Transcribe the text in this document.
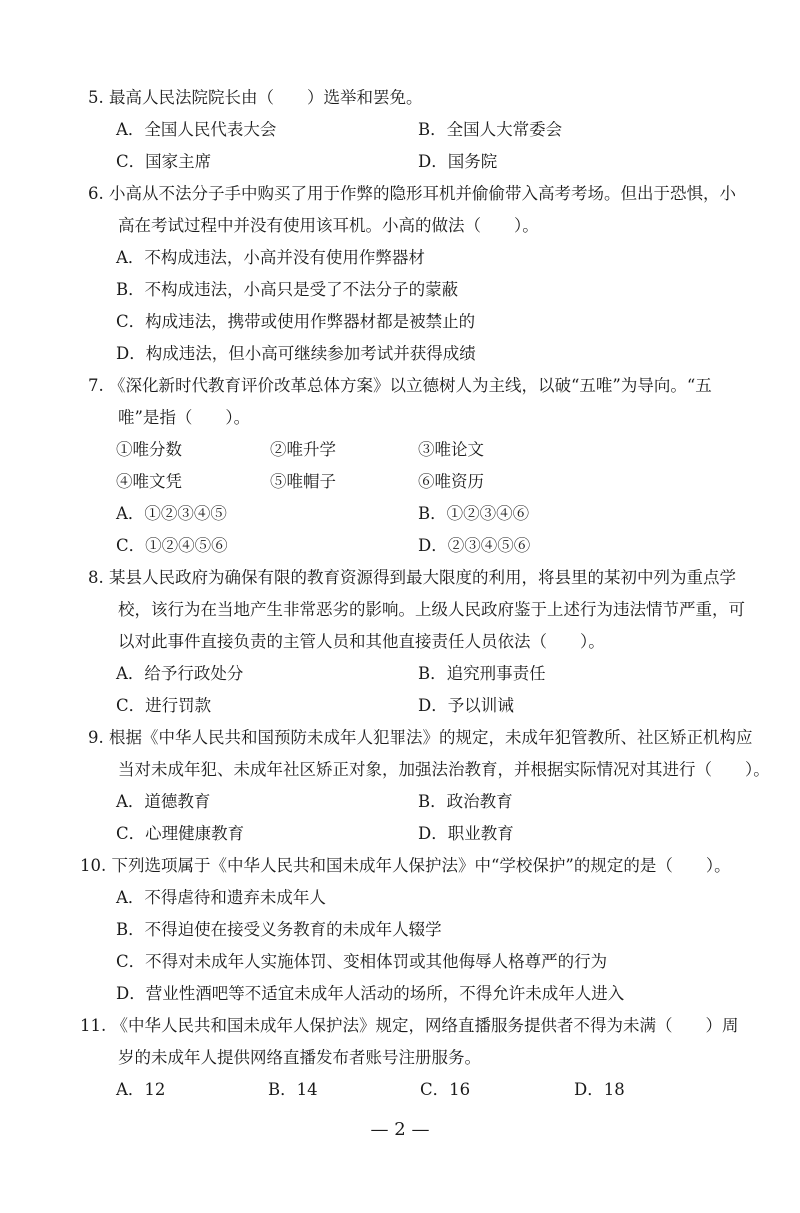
5. 最高人民法院院长由（　　）选举和罢免。
A．全国人民代表大会	B．全国人大常委会
C．国家主席	D．国务院
6. 小高从不法分子手中购买了用于作弊的隐形耳机并偷偷带入高考考场。但出于恐惧，小
高在考试过程中并没有使用该耳机。小高的做法（　　）。
A．不构成违法，小高并没有使用作弊器材
B．不构成违法，小高只是受了不法分子的蒙蔽
C．构成违法，携带或使用作弊器材都是被禁止的
D．构成违法，但小高可继续参加考试并获得成绩
7. 《深化新时代教育评价改革总体方案》以立德树人为主线，以破“五唯”为导向。“五
唯”是指（　　）。
①唯分数	②唯升学	③唯论文
④唯文凭	⑤唯帽子	⑥唯资历
A．①②③④⑤	B．①②③④⑥
C．①②④⑤⑥	D．②③④⑤⑥
8. 某县人民政府为确保有限的教育资源得到最大限度的利用，将县里的某初中列为重点学
校，该行为在当地产生非常恶劣的影响。上级人民政府鉴于上述行为违法情节严重，可
以对此事件直接负责的主管人员和其他直接责任人员依法（　　）。
A．给予行政处分	B．追究刑事责任
C．进行罚款	D．予以训诫
9. 根据《中华人民共和国预防未成年人犯罪法》的规定，未成年犯管教所、社区矫正机构应
当对未成年犯、未成年社区矫正对象，加强法治教育，并根据实际情况对其进行（　　）。
A．道德教育	B．政治教育
C．心理健康教育	D．职业教育
10. 下列选项属于《中华人民共和国未成年人保护法》中“学校保护”的规定的是（　　）。
A．不得虐待和遗弃未成年人
B．不得迫使在接受义务教育的未成年人辍学
C．不得对未成年人实施体罚、变相体罚或其他侮辱人格尊严的行为
D．营业性酒吧等不适宜未成年人活动的场所，不得允许未成年人进入
11. 《中华人民共和国未成年人保护法》规定，网络直播服务提供者不得为未满（　　）周
岁的未成年人提供网络直播发布者账号注册服务。
A．12	B．14	C．16	D．18
— 2 —
